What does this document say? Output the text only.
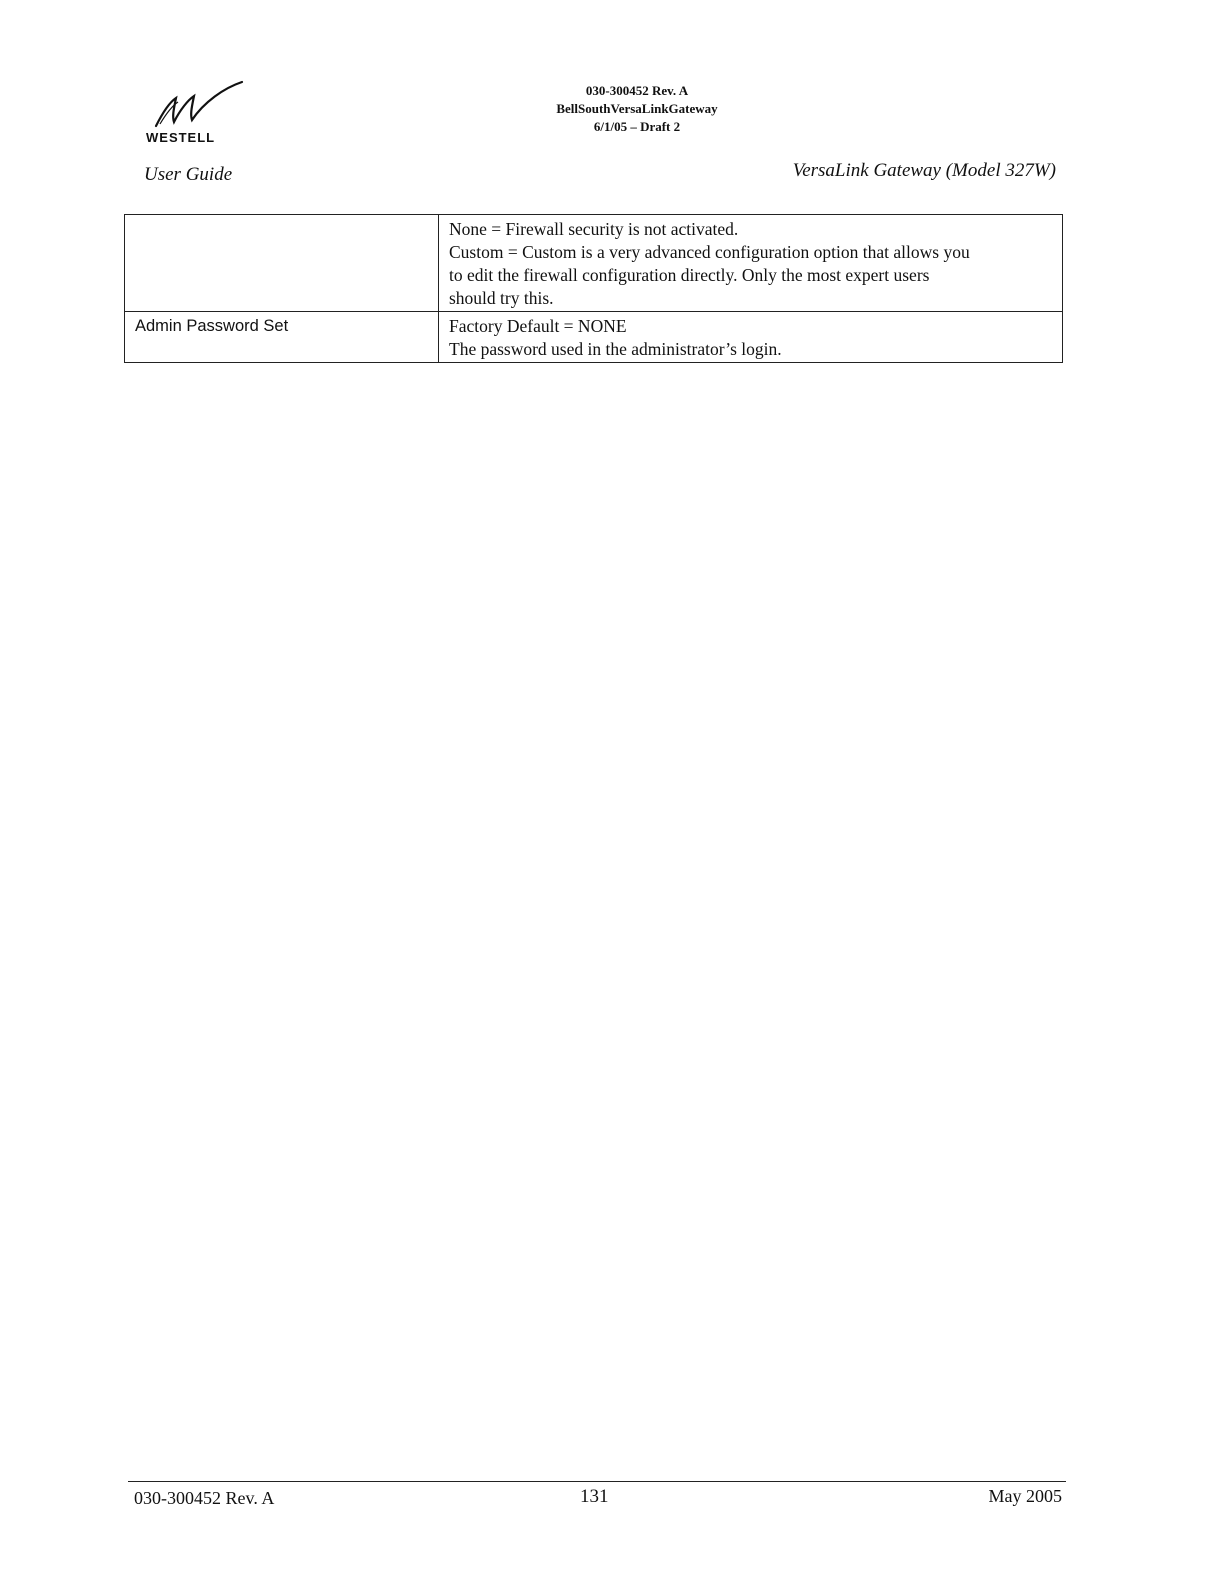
WESTELL
030-300452 Rev. A
BellSouthVersaLinkGateway
6/1/05 – Draft 2
User Guide	VersaLink Gateway (Model 327W)

	None = Firewall security is not activated.
Custom = Custom is a very advanced configuration option that allows you
to edit the firewall configuration directly. Only the most expert users
should try this.

Admin Password Set	Factory Default = NONE
The password used in the administrator’s login.
030-300452 Rev. A	131	May 2005
